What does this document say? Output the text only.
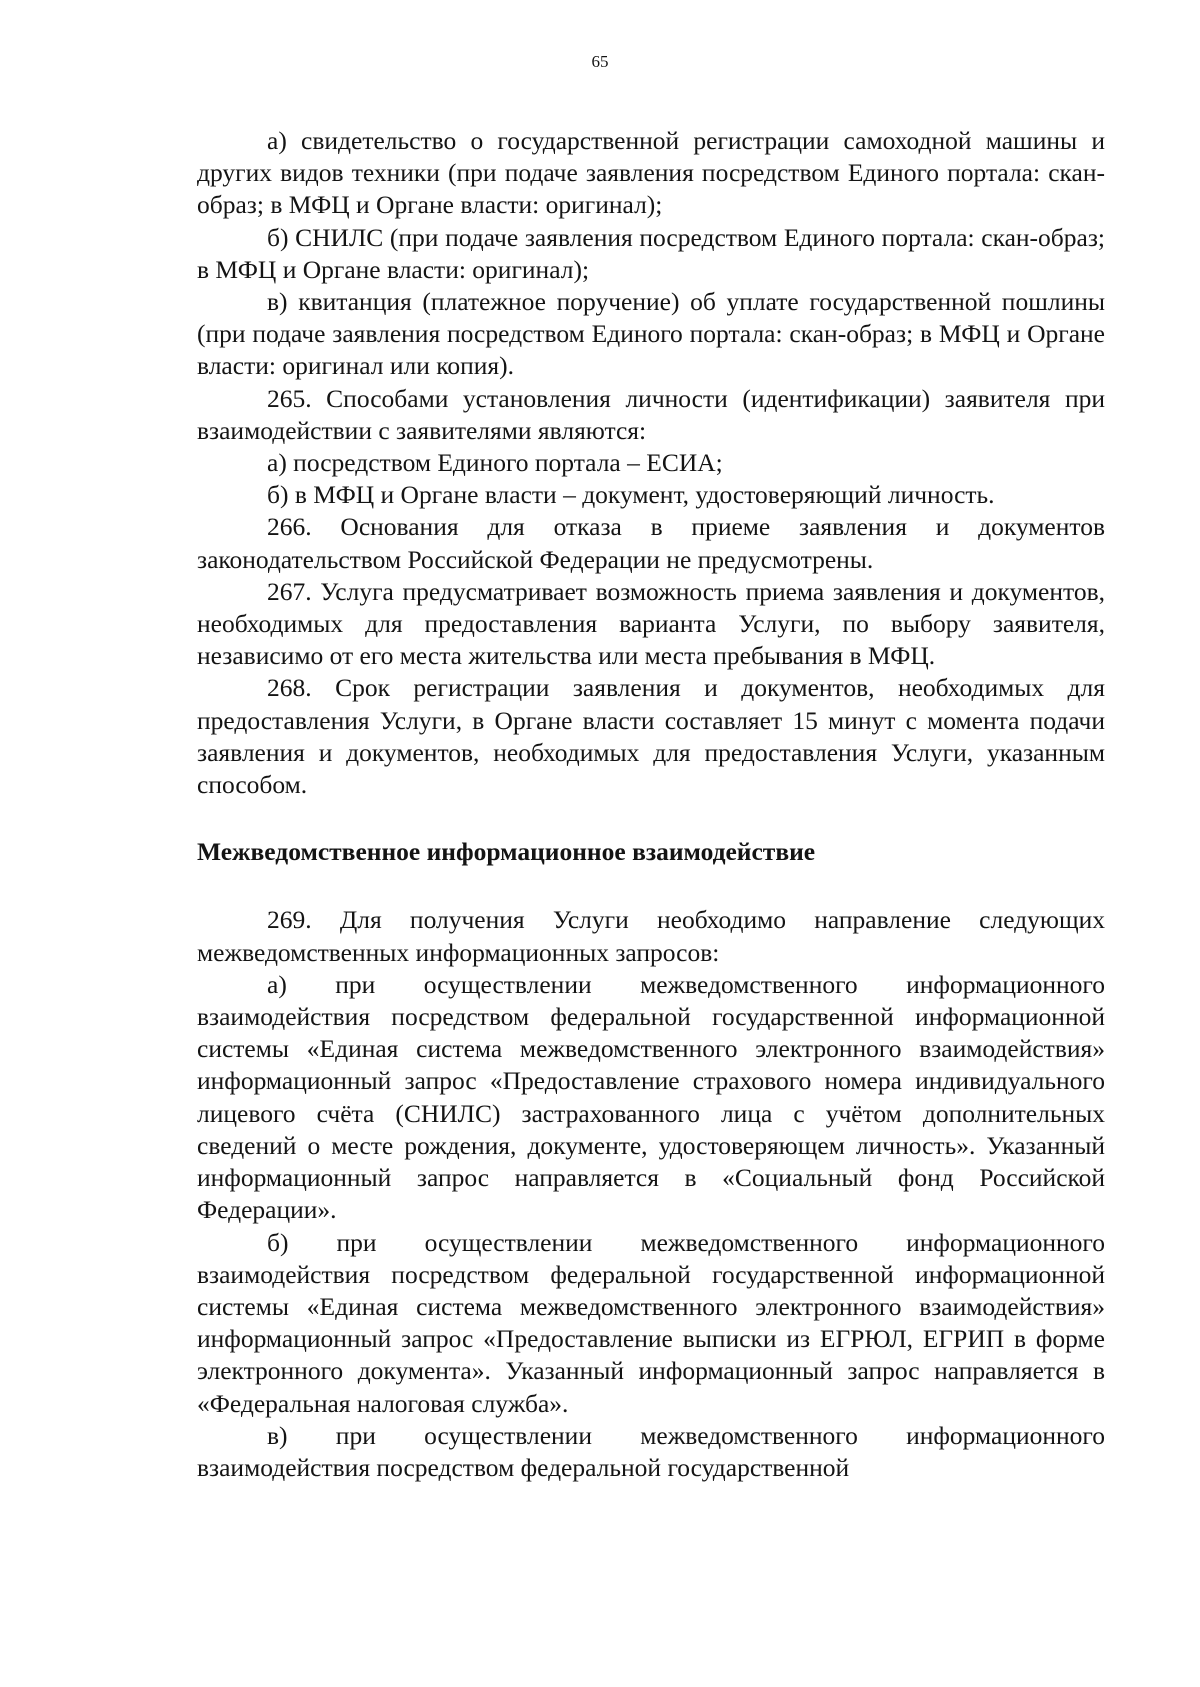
65

а) свидетельство о государственной регистрации самоходной машины и других видов техники (при подаче заявления посредством Единого портала: скан-образ; в МФЦ и Органе власти: оригинал);

б) СНИЛС (при подаче заявления посредством Единого портала: скан-образ; в МФЦ и Органе власти: оригинал);

в) квитанция (платежное поручение) об уплате государственной пошлины (при подаче заявления посредством Единого портала: скан-образ; в МФЦ и Органе власти: оригинал или копия).

265. Способами установления личности (идентификации) заявителя при взаимодействии с заявителями являются:

а) посредством Единого портала – ЕСИА;

б) в МФЦ и Органе власти – документ, удостоверяющий личность.

266. Основания для отказа в приеме заявления и документов законодательством Российской Федерации не предусмотрены.

267. Услуга предусматривает возможность приема заявления и документов, необходимых для предоставления варианта Услуги, по выбору заявителя, независимо от его места жительства или места пребывания в МФЦ.

268. Срок регистрации заявления и документов, необходимых для предоставления Услуги, в Органе власти составляет 15 минут с момента подачи заявления и документов, необходимых для предоставления Услуги, указанным способом.

Межведомственное информационное взаимодействие

269. Для получения Услуги необходимо направление следующих межведомственных информационных запросов:

а) при осуществлении межведомственного информационного взаимодействия посредством федеральной государственной информационной системы «Единая система межведомственного электронного взаимодействия» информационный запрос «Предоставление страхового номера индивидуального лицевого счёта (СНИЛС) застрахованного лица с учётом дополнительных сведений о месте рождения, документе, удостоверяющем личность». Указанный информационный запрос направляется в «Социальный фонд Российской Федерации».

б) при осуществлении межведомственного информационного взаимодействия посредством федеральной государственной информационной системы «Единая система межведомственного электронного взаимодействия» информационный запрос «Предоставление выписки из ЕГРЮЛ, ЕГРИП в форме электронного документа». Указанный информационный запрос направляется в «Федеральная налоговая служба».

в) при осуществлении межведомственного информационного взаимодействия посредством федеральной государственной
